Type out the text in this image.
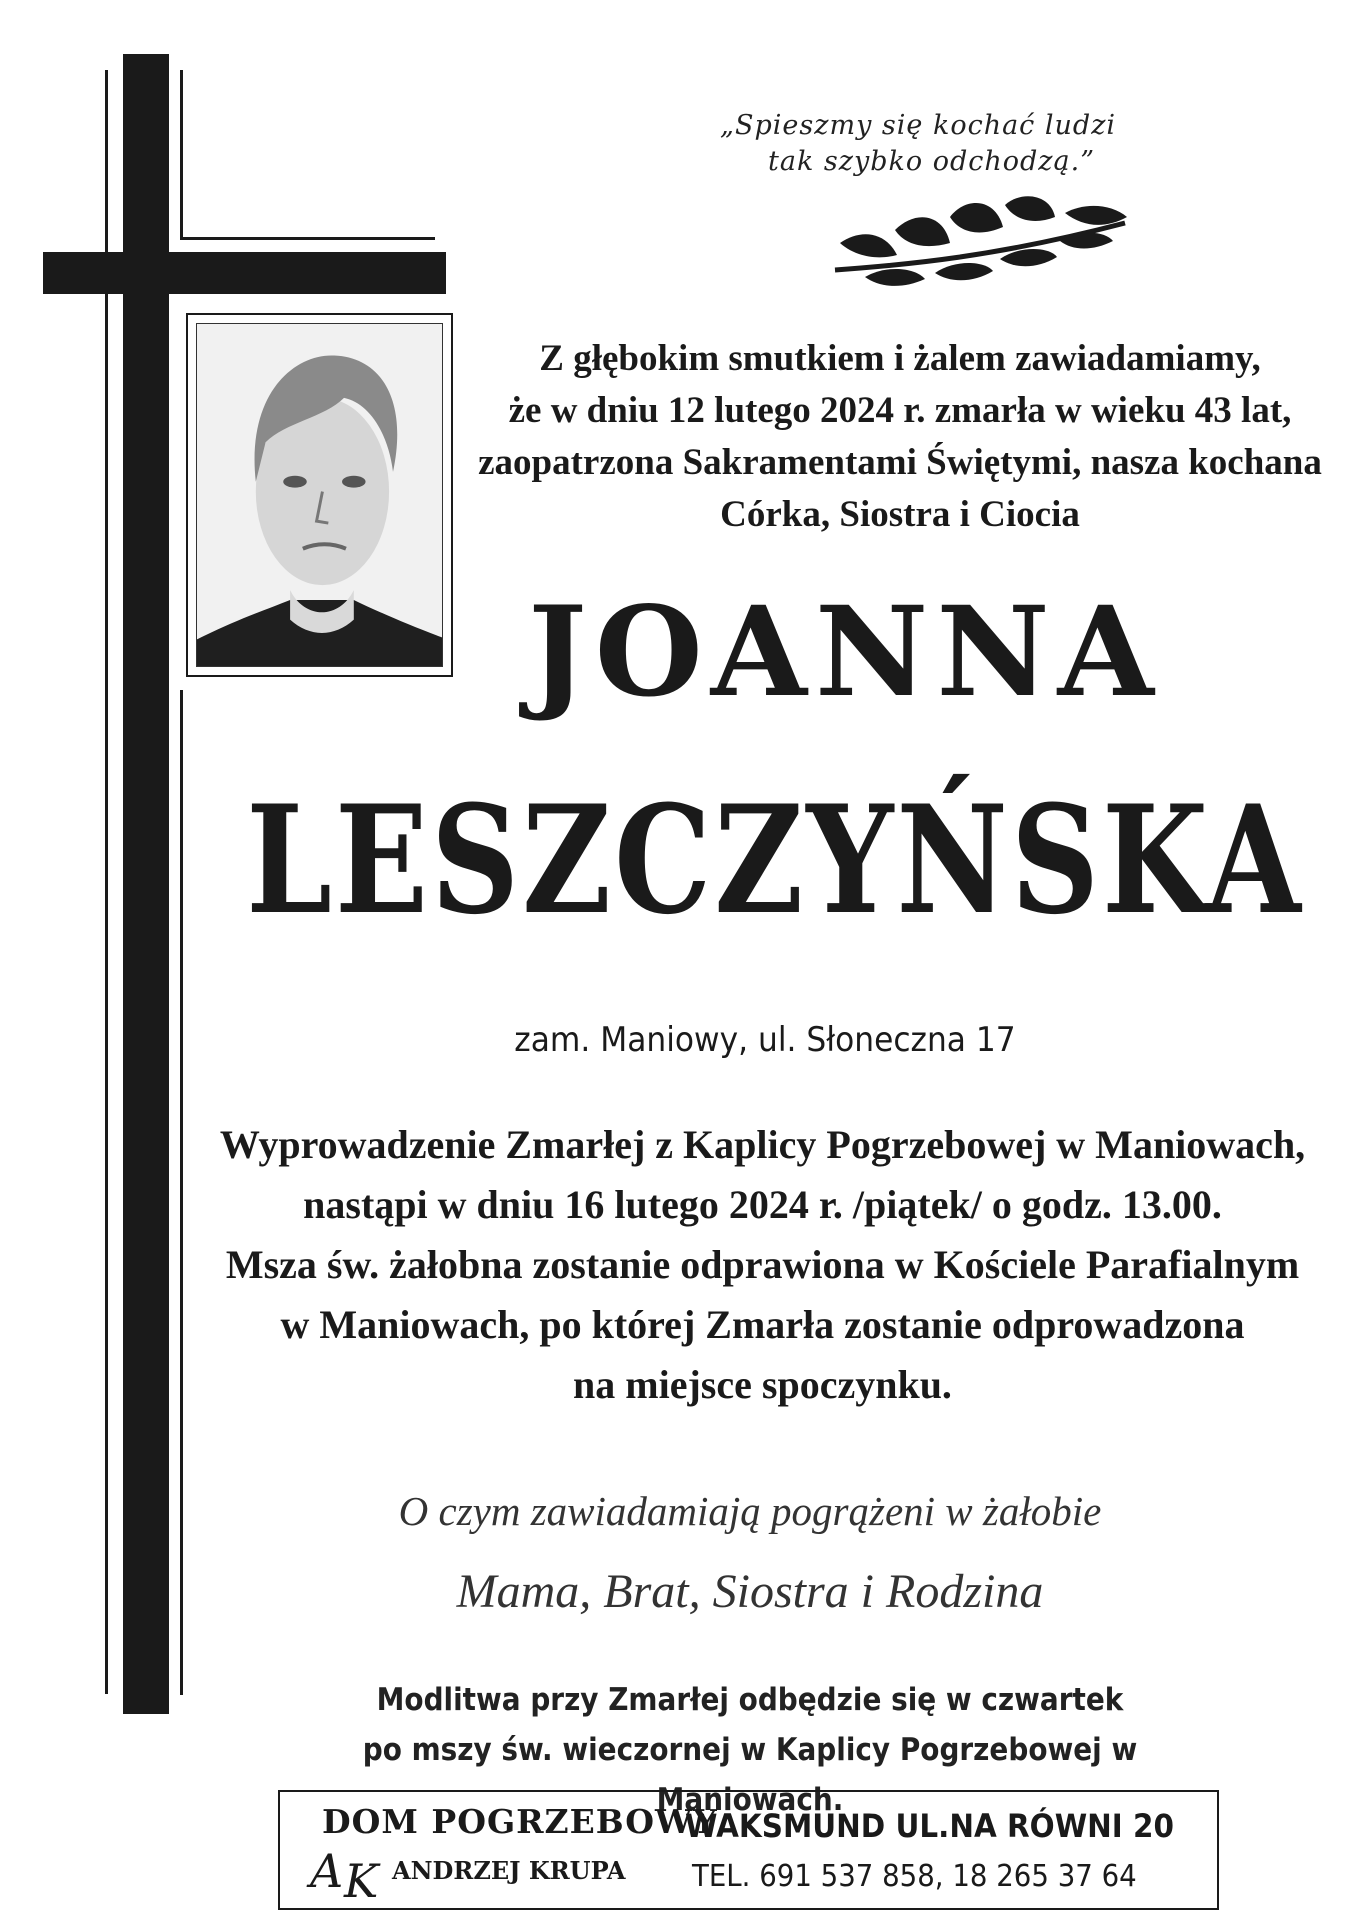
„Spieszmy się kochać ludzi
tak szybko odchodzą.”
Z głębokim smutkiem i żalem zawiadamiamy,
że w dniu 12 lutego 2024 r. zmarła w wieku 43 lat,
zaopatrzona Sakramentami Świętymi, nasza kochana
Córka, Siostra i Ciocia
JOANNA
LESZCZYŃSKA
zam. Maniowy, ul. Słoneczna 17
Wyprowadzenie Zmarłej z Kaplicy Pogrzebowej w Maniowach,
nastąpi w dniu 16 lutego 2024 r. /piątek/ o godz. 13.00.
Msza św. żałobna zostanie odprawiona w Kościele Parafialnym
w Maniowach, po której Zmarła zostanie odprowadzona
na miejsce spoczynku.
O czym zawiadamiają pogrążeni w żałobie
Mama, Brat, Siostra i Rodzina
Modlitwa przy Zmarłej odbędzie się w czwartek
po mszy św. wieczornej w Kaplicy Pogrzebowej w Maniowach.
DOM POGRZEBOWY
A K ANDRZEJ KRUPA
WAKSMUND UL.NA RÓWNI 20
TEL. 691 537 858, 18 265 37 64
